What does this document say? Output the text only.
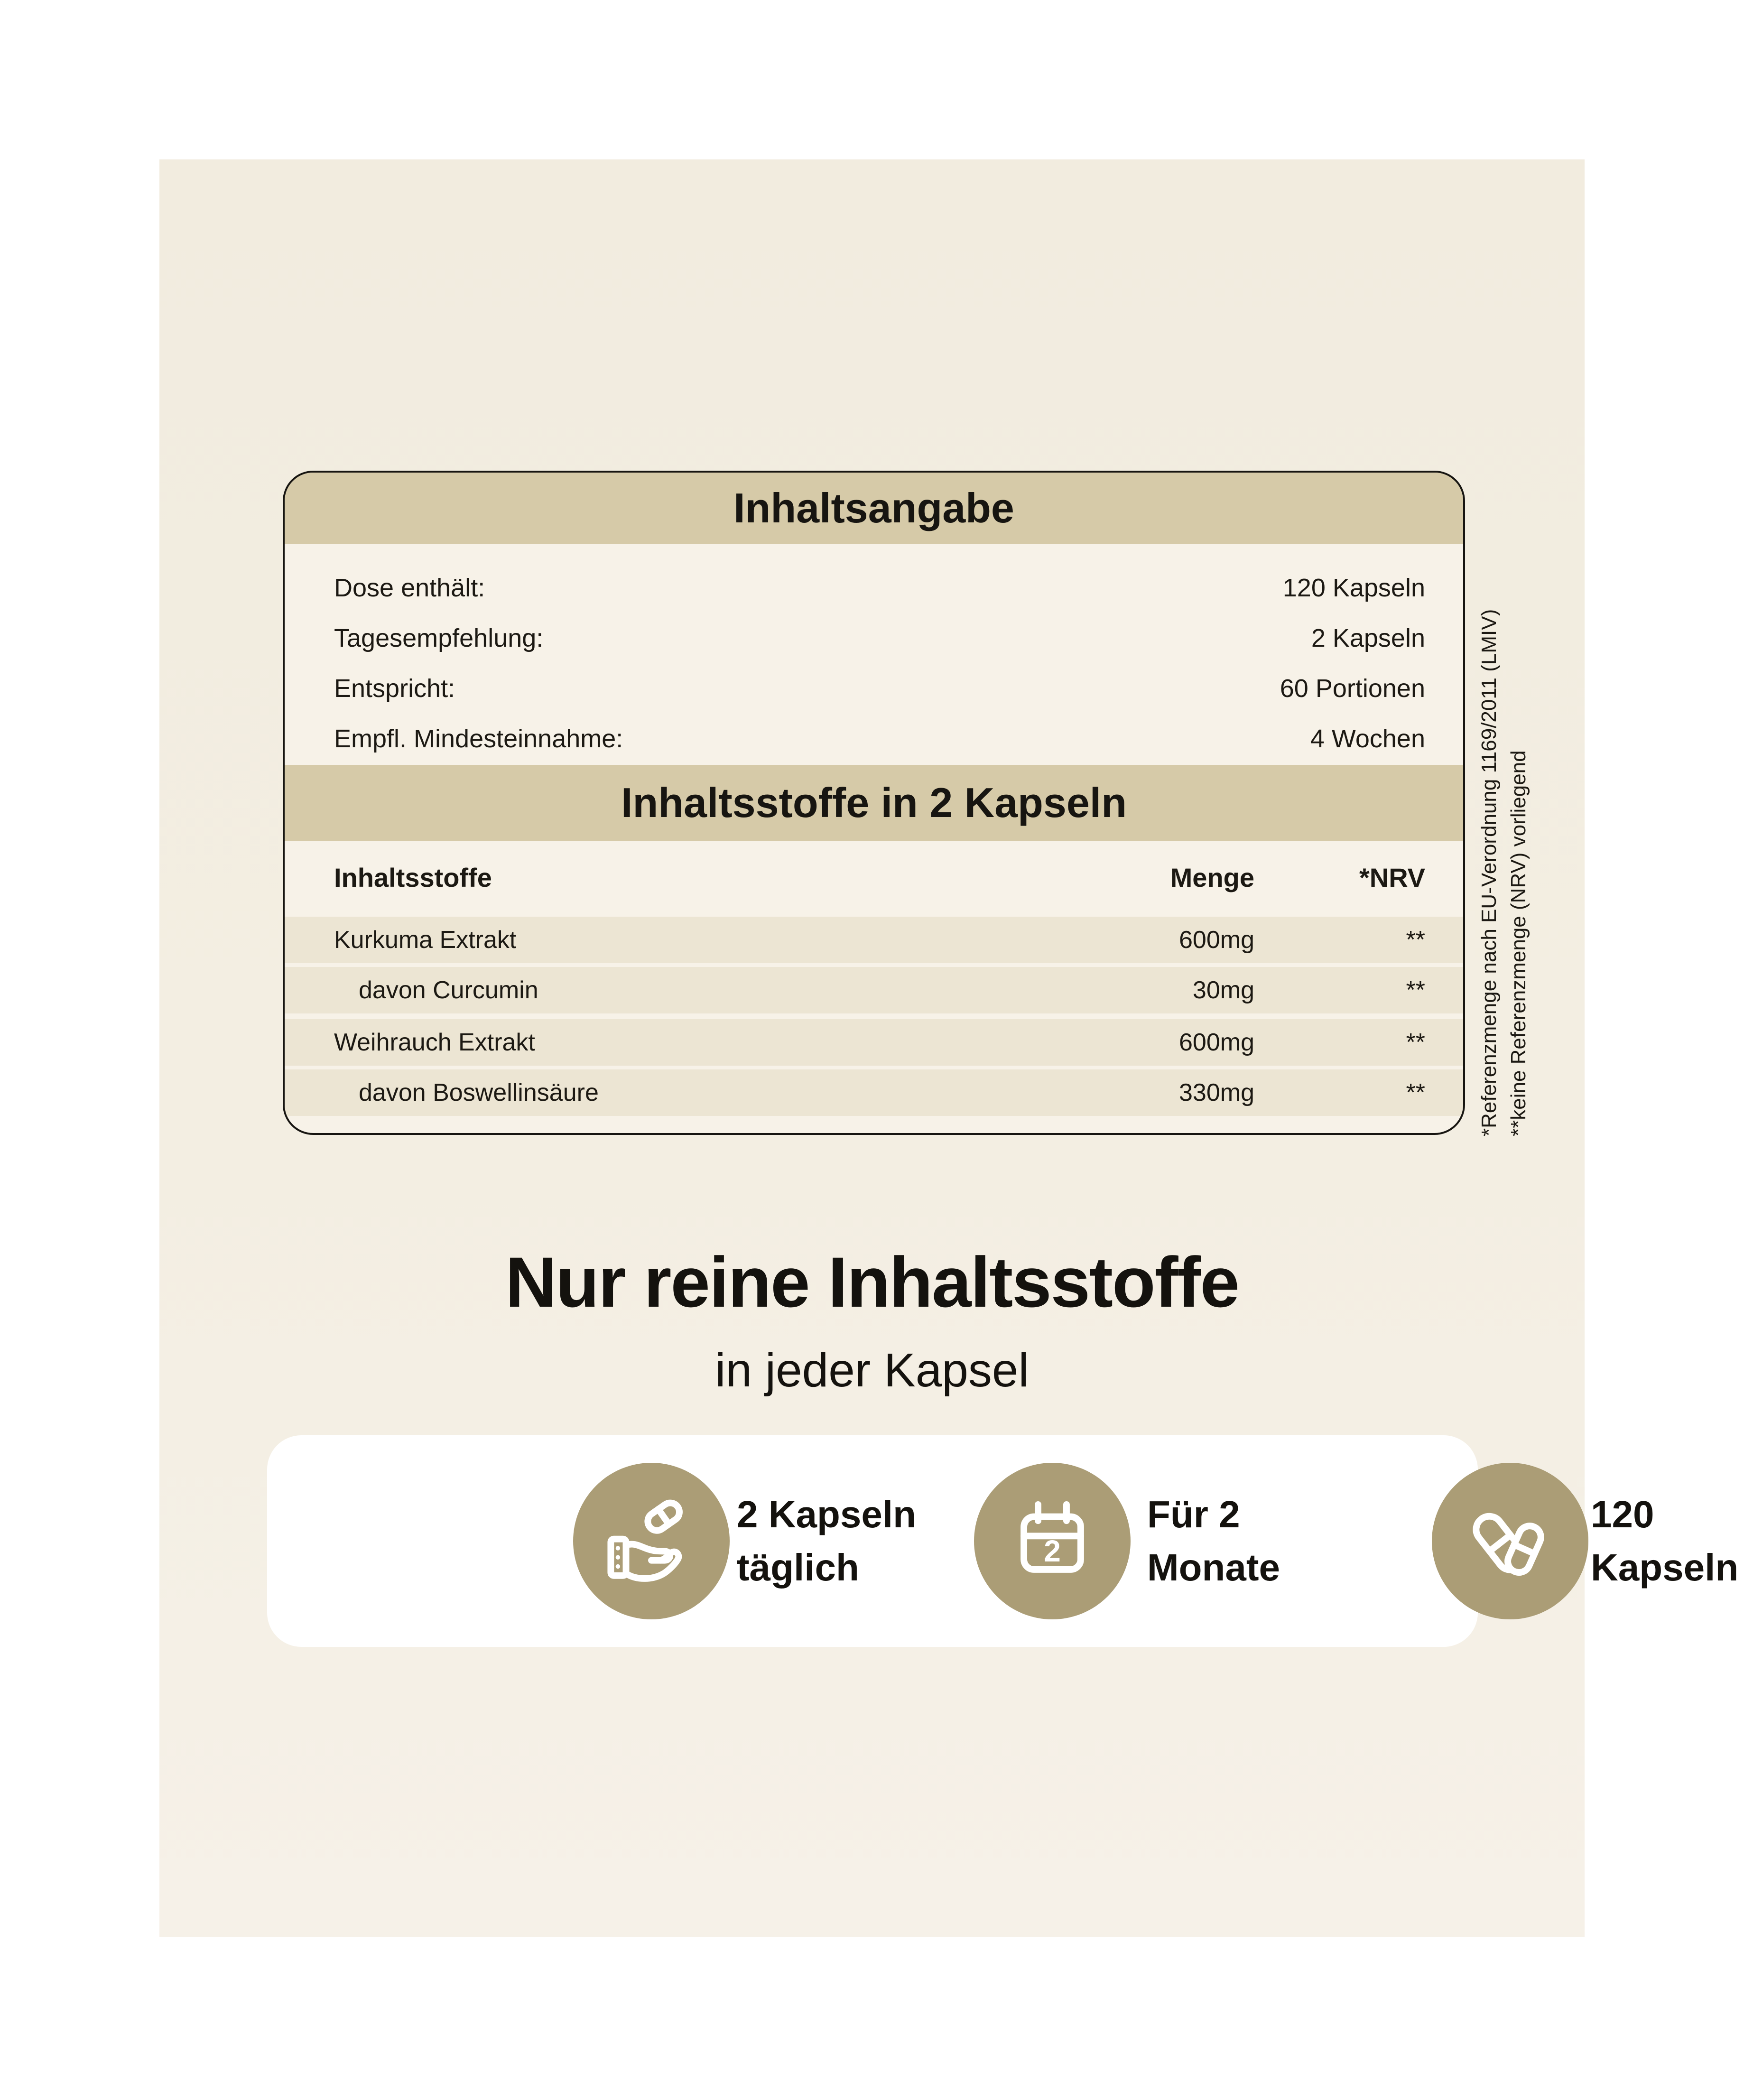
Inhaltsangabe
Dose enthält:	120 Kapseln
Tagesempfehlung:	2 Kapseln
Entspricht:	60 Portionen
Empfl. Mindesteinnahme:	4 Wochen
Inhaltsstoffe in 2 Kapseln
Inhaltsstoffe	Menge	*NRV
Kurkuma Extrakt	600mg	**
davon Curcumin	30mg	**
Weihrauch Extrakt	600mg	**
davon Boswellinsäure	330mg	**	*Referenzmenge nach EU-Verordnung 1169/2011 (LMIV) **keine Referenzmenge (NRV) vorliegend
Nur reine Inhaltsstoffe
in jeder Kapsel
2 Kapseln
täglich	2
Für 2
Monate
120
Kapseln
